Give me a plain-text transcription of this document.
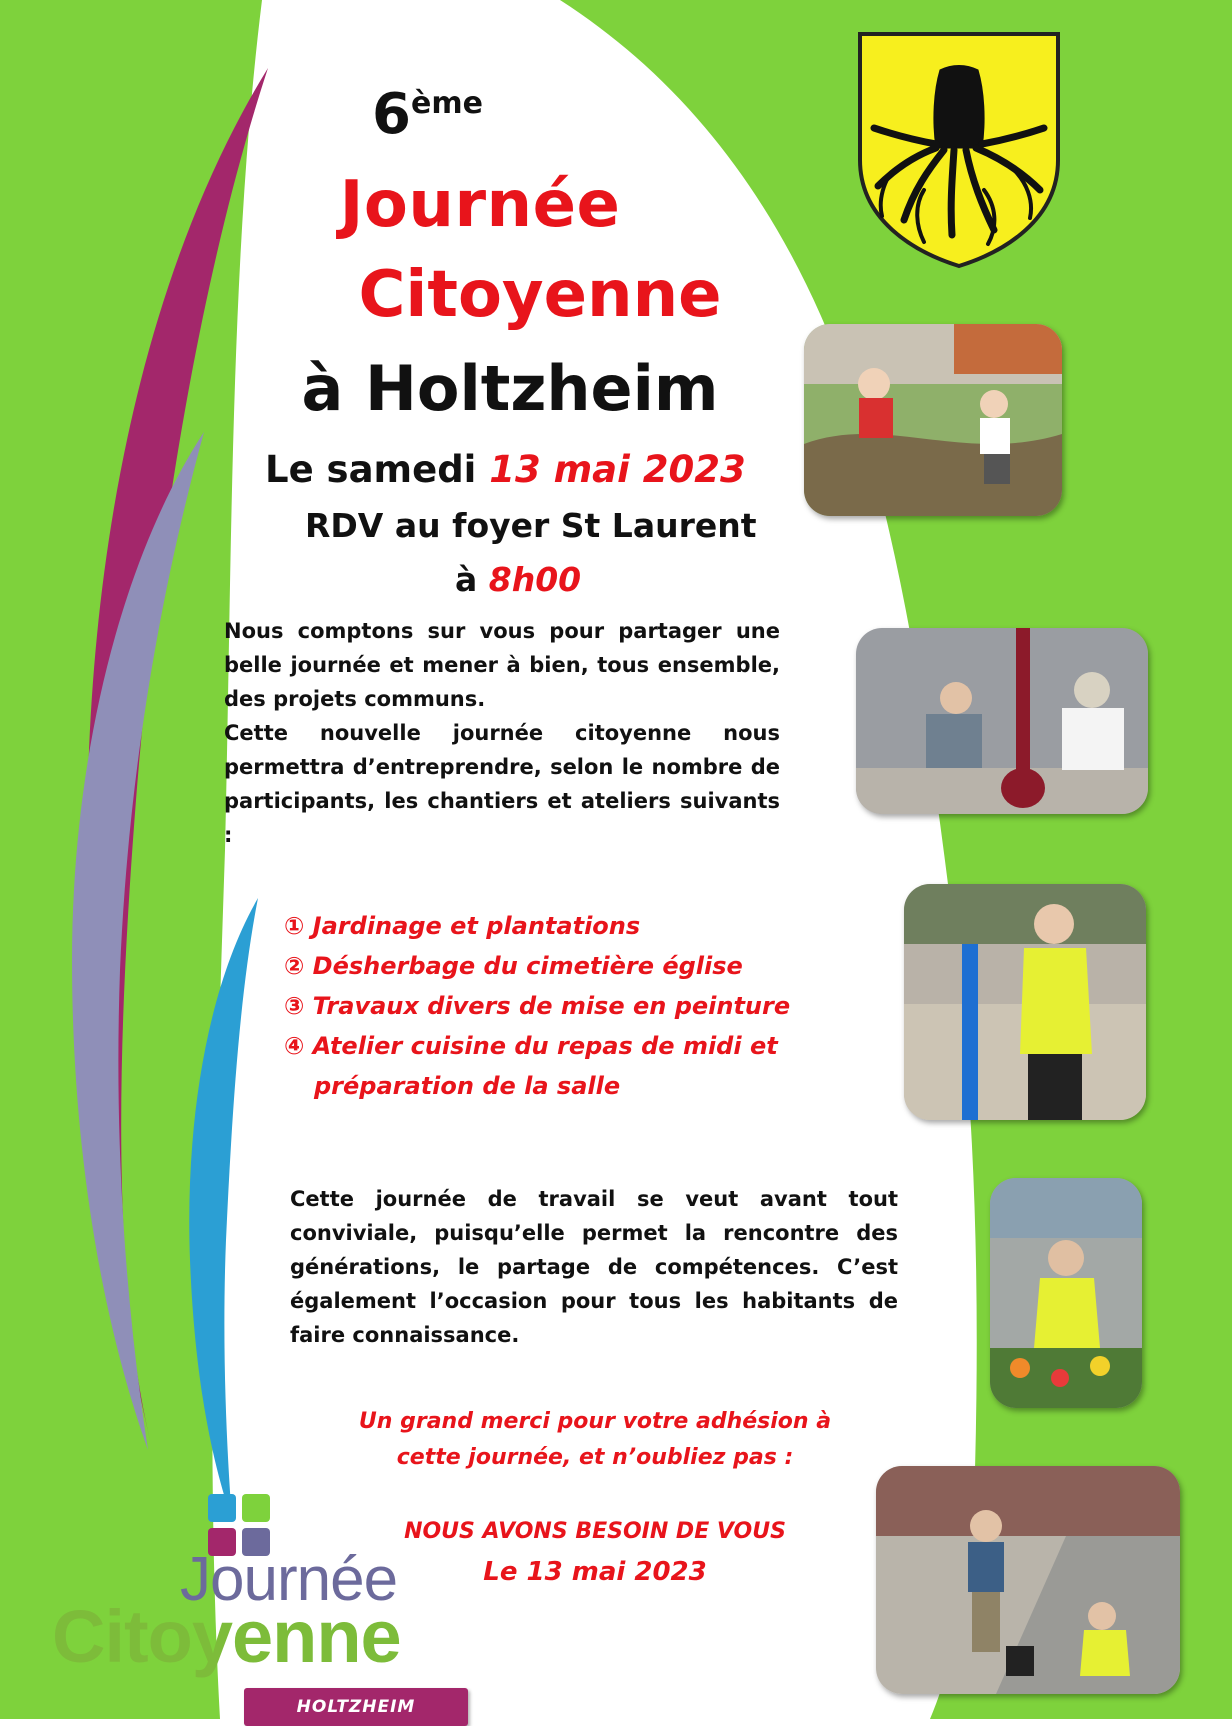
6ème
Journée
Citoyenne
à Holtzheim
Le samedi 13 mai 2023
RDV au foyer St Laurent
à 8h00

Nous comptons sur vous pour partager une belle journée et mener à bien, tous ensemble, des projets communs.

Cette nouvelle journée citoyenne nous permettra d’entreprendre, selon le nombre de participants, les chantiers et ateliers suivants :

① Jardinage et plantations
② Désherbage du cimetière église
③ Travaux divers de mise en peinture
④ Atelier cuisine du repas de midi et
préparation de la salle
Cette journée de travail se veut avant tout conviviale, puisqu’elle permet la rencontre des générations, le partage de compétences. C’est également l’occasion pour tous les habitants de faire connaissance.
Un grand merci pour votre adhésion à
cette journée, et n’oubliez pas :
NOUS AVONS BESOIN DE VOUS
Le 13 mai 2023
Journée
Citoyenne
HOLTZHEIM
